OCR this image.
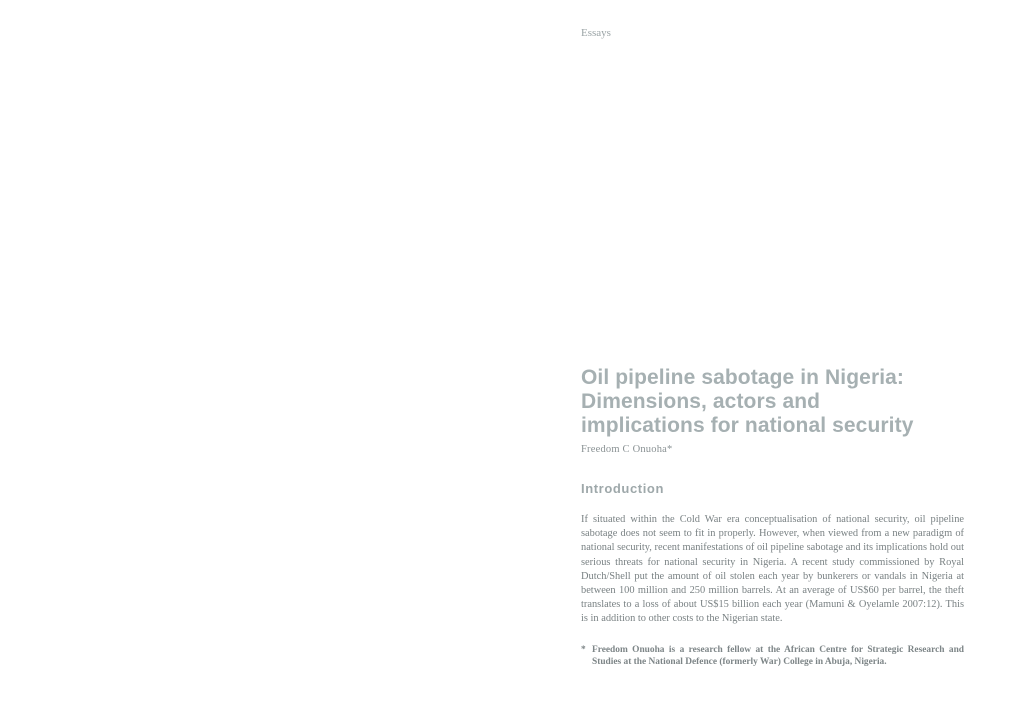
Essays
Oil pipeline sabotage in Nigeria:
Dimensions, actors and
implications for national security
Freedom C Onuoha*
Introduction

If situated within the Cold War era conceptualisation of national security, oil pipeline sabotage does not seem to fit in properly. However, when viewed from a new paradigm of national security, recent manifestations of oil pipeline sabotage and its implications hold out serious threats for national security in Nigeria. A recent study commissioned by Royal Dutch/Shell put the amount of oil stolen each year by bunkerers or vandals in Nigeria at between 100 million and 250 million barrels. At an average of US$60 per barrel, the theft translates to a loss of about US$15 billion each year (Mamuni & Oyelamle 2007:12). This is in addition to other costs to the Nigerian state.

* Freedom Onuoha is a research fellow at the African Centre for Strategic Research and Studies at the National Defence (formerly War) College in Abuja, Nigeria.
